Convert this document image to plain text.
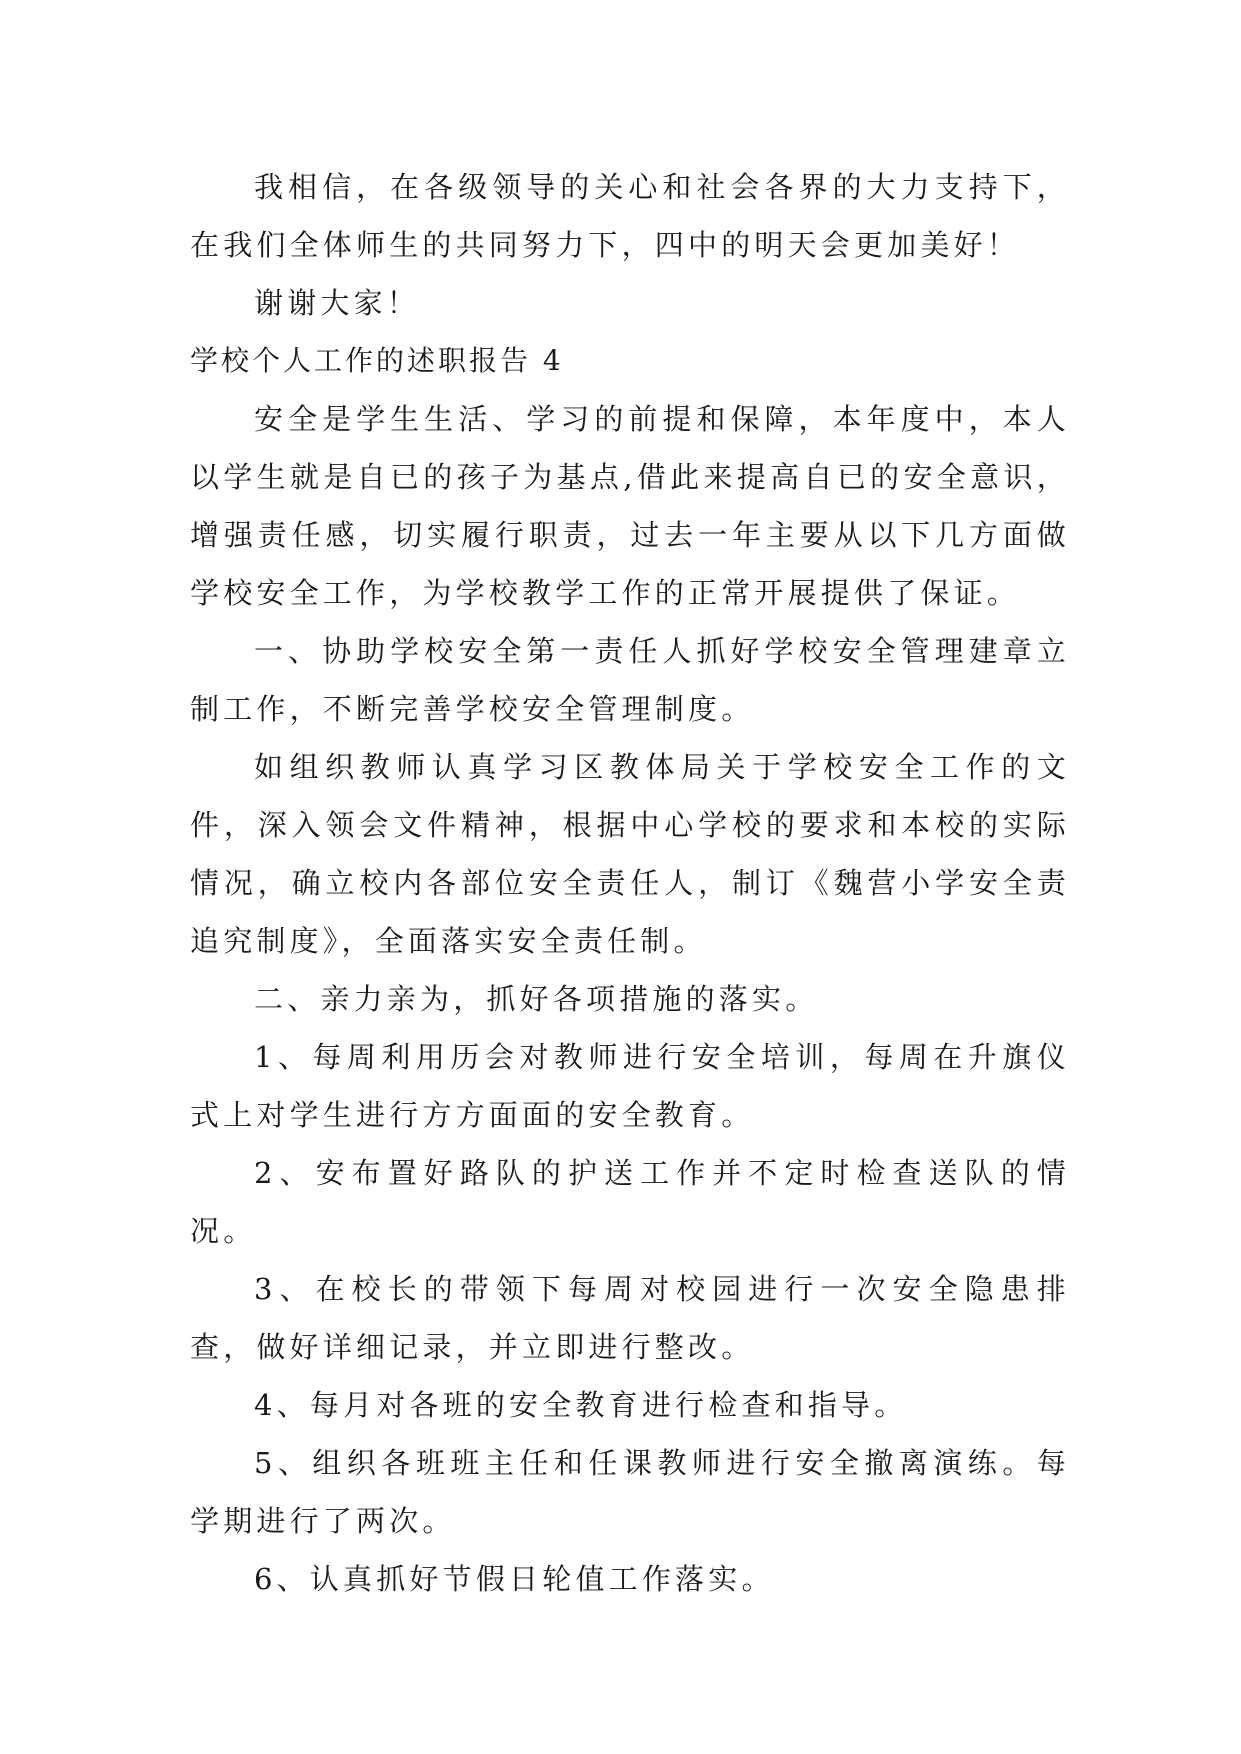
我相信，在各级领导的关心和社会各界的大力支持下，在我们全体师生的共同努力下，四中的明天会更加美好！

谢谢大家！

学校个人工作的述职报告 4

安全是学生生活、学习的前提和保障，本年度中，本人以学生就是自已的孩子为基点,借此来提高自已的安全意识，增强责任感，切实履行职责，过去一年主要从以下几方面做学校安全工作，为学校教学工作的正常开展提供了保证。

一、协助学校安全第一责任人抓好学校安全管理建章立制工作，不断完善学校安全管理制度。

如组织教师认真学习区教体局关于学校安全工作的文件，深入领会文件精神，根据中心学校的要求和本校的实际情况，确立校内各部位安全责任人，制订《魏营小学安全责追究制度》，全面落实安全责任制。

二、亲力亲为，抓好各项措施的落实。

1、每周利用历会对教师进行安全培训，每周在升旗仪式上对学生进行方方面面的安全教育。

2、安布置好路队的护送工作并不定时检查送队的情况。

3、在校长的带领下每周对校园进行一次安全隐患排查，做好详细记录，并立即进行整改。

4、每月对各班的安全教育进行检查和指导。

5、组织各班班主任和任课教师进行安全撤离演练。每学期进行了两次。

6、认真抓好节假日轮值工作落实。
